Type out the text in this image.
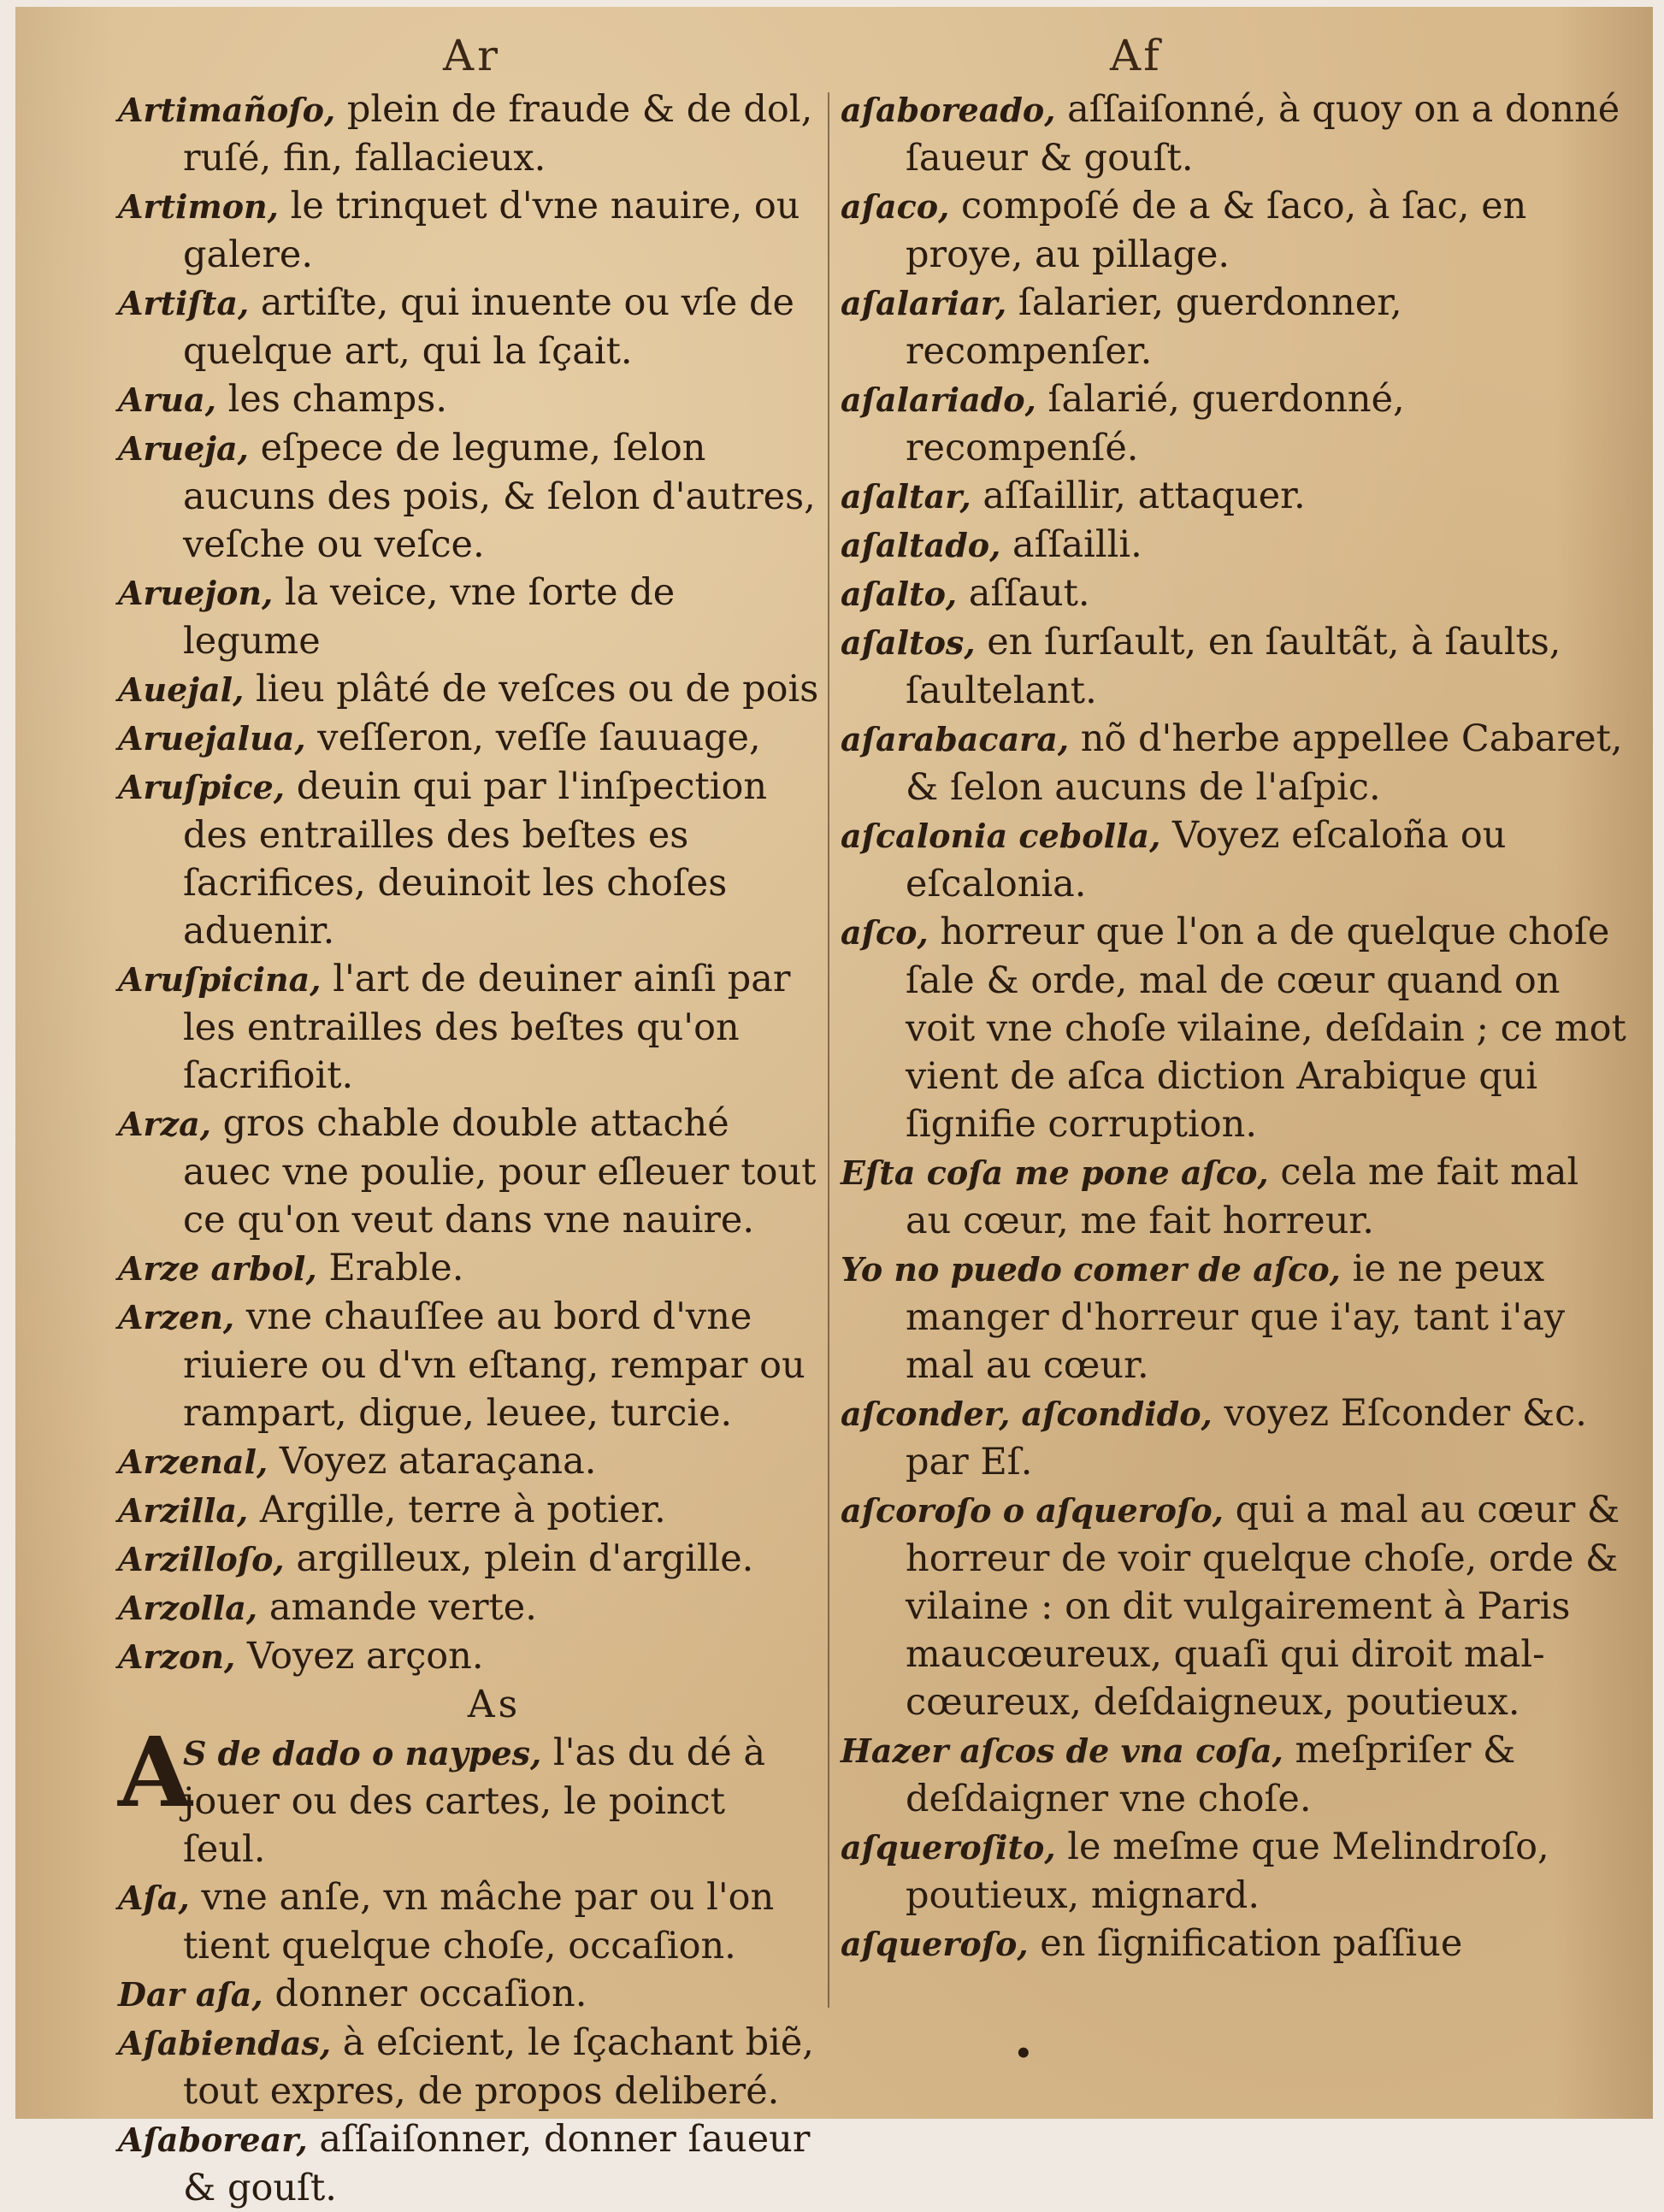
Ar	Af

Artimañoſo, plein de fraude & de dol, ruſé, fin, fallacieux.

Artimon, le trinquet d'vne nauire, ou galere.

Artiſta, artiſte, qui inuente ou vſe de quelque art, qui la ſçait.

Arua, les champs.

Arueja, eſpece de legume, ſelon aucuns des pois, & ſelon d'autres, veſche ou veſce.

Aruejon, la veice, vne ſorte de legume

Auejal, lieu plâté de veſces ou de pois

Aruejalua, veſſeron, veſſe ſauuage,

Aruſpice, deuin qui par l'inſpection des entrailles des beſtes es ſacrifices, deuinoit les choſes aduenir.

Aruſpicina, l'art de deuiner ainſi par les entrailles des beſtes qu'on ſacrifioit.

Arza, gros chable double attaché auec vne poulie, pour eſleuer tout ce qu'on veut dans vne nauire.

Arze arbol, Erable.

Arzen, vne chauſſee au bord d'vne riuiere ou d'vn eſtang, rempar ou rampart, digue, leuee, turcie.

Arzenal, Voyez ataraçana.

Arzilla, Argille, terre à potier.

Arzilloſo, argilleux, plein d'argille.

Arzolla, amande verte.

Arzon, Voyez arçon.

As
A
S de dado o naypes, l'as du dé à jouer ou des cartes, le poinct ſeul.

Aſa, vne anſe, vn mâche par ou l'on tient quelque choſe, occaſion.

Dar aſa, donner occaſion.

Aſabiendas, à eſcient, le ſçachant biẽ, tout expres, de propos deliberé.

Aſaborear, aſſaiſonner, donner ſaueur & gouſt.

aſaboreado, aſſaiſonné, à quoy on a donné ſaueur & gouſt.

aſaco, compoſé de a & ſaco, à ſac, en proye, au pillage.

aſalariar, ſalarier, guerdonner, recompenſer.

aſalariado, ſalarié, guerdonné, recompenſé.

aſaltar, aſſaillir, attaquer.

aſaltado, aſſailli.

aſalto, aſſaut.

aſaltos, en ſurſault, en ſaultãt, à ſaults, ſaultelant.

aſarabacara, nõ d'herbe appellee Cabaret, & ſelon aucuns de l'aſpic.

aſcalonia cebolla, Voyez eſcaloña ou eſcalonia.

aſco, horreur que l'on a de quelque choſe ſale & orde, mal de cœur quand on voit vne choſe vilaine, deſdain ; ce mot vient de aſca diction Arabique qui ſignifie corruption.

Eſta coſa me pone aſco, cela me fait mal au cœur, me fait horreur.

Yo no puedo comer de aſco, ie ne peux manger d'horreur que i'ay, tant i'ay mal au cœur.

aſconder, aſcondido, voyez Eſconder &c. par Eſ.

aſcoroſo o aſqueroſo, qui a mal au cœur & horreur de voir quelque choſe, orde & vilaine : on dit vulgairement à Paris maucœureux, quaſi qui diroit mal-cœureux, deſdaigneux, poutieux.

Hazer aſcos de vna coſa, meſpriſer & deſdaigner vne choſe.

aſqueroſito, le meſme que Melindroſo, poutieux, mignard.

aſqueroſo, en ſignification paſſiue

•
